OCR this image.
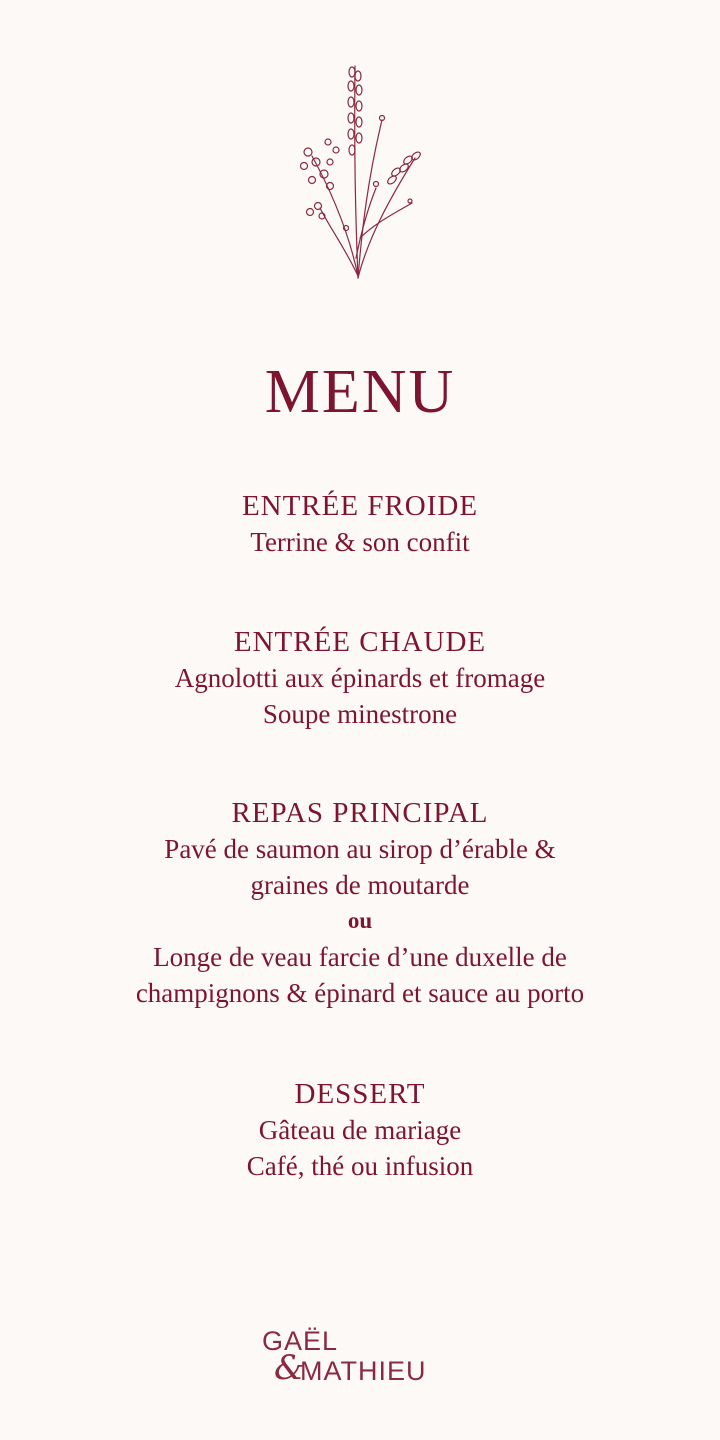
MENU

ENTRÉE FROIDE

Terrine & son confit

ENTRÉE CHAUDE

Agnolotti aux épinards et fromage

Soupe minestrone

REPAS PRINCIPAL

Pavé de saumon au sirop d’érable &

graines de moutarde

ou

Longe de veau farcie d’une duxelle de

champignons & épinard et sauce au porto

DESSERT

Gâteau de mariage

Café, thé ou infusion

GAËL
&
MATHIEU
